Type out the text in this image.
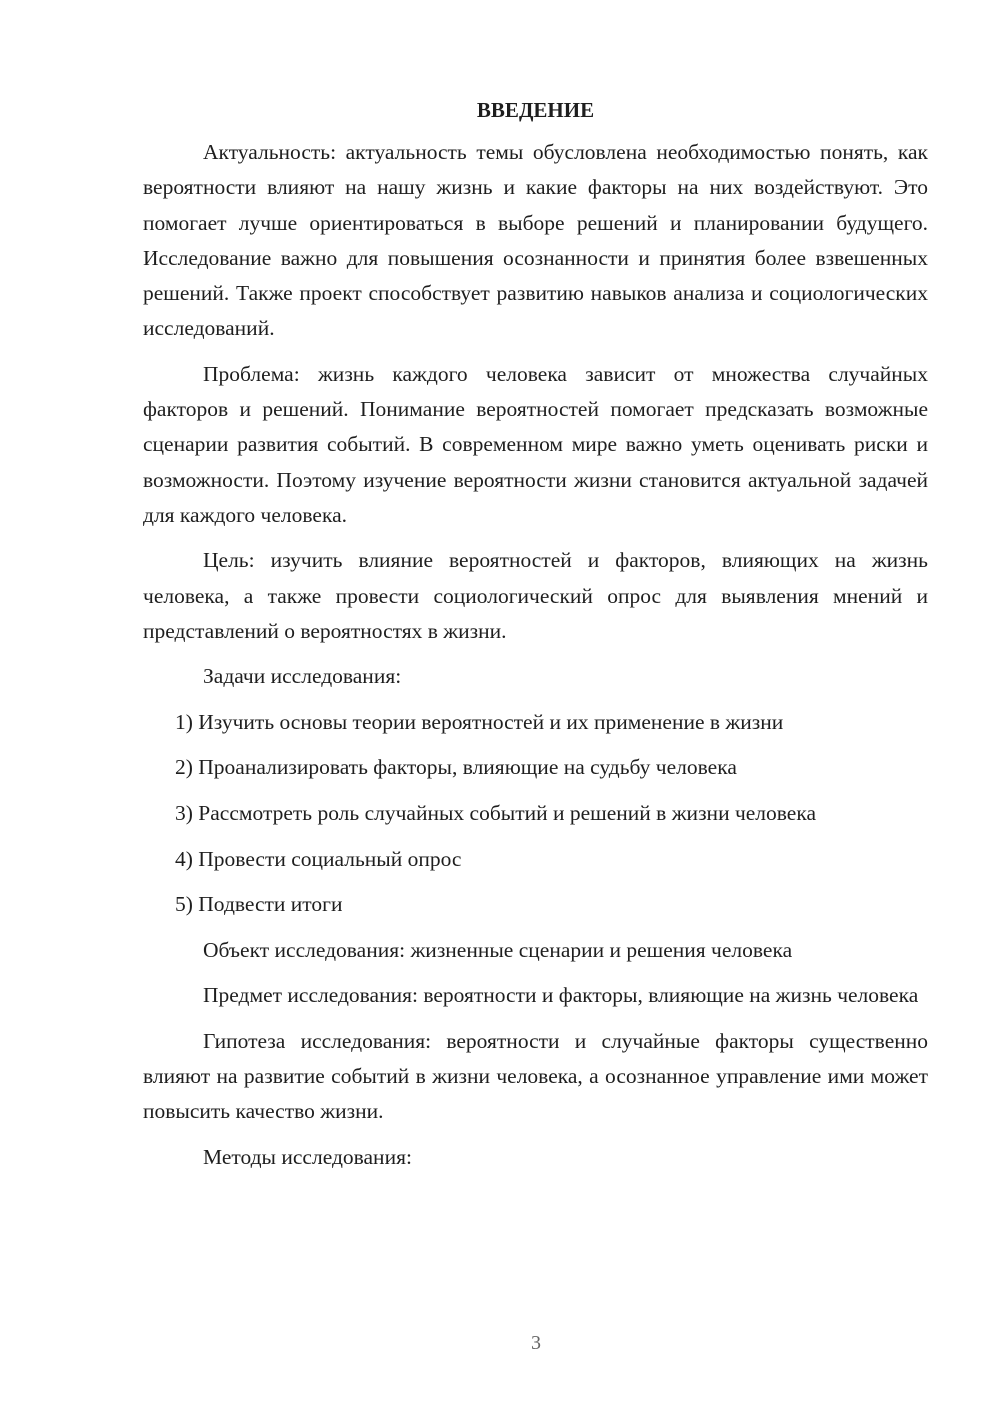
ВВЕДЕНИЕ

Актуальность: актуальность темы обусловлена необходимостью понять, как вероятности влияют на нашу жизнь и какие факторы на них воздействуют. Это помогает лучше ориентироваться в выборе решений и планировании будущего. Исследование важно для повышения осознанности и принятия более взвешенных решений. Также проект способствует развитию навыков анализа и социологических исследований.

Проблема: жизнь каждого человека зависит от множества случайных факторов и решений. Понимание вероятностей помогает предсказать возможные сценарии развития событий. В современном мире важно уметь оценивать риски и возможности. Поэтому изучение вероятности жизни становится актуальной задачей для каждого человека.

Цель: изучить влияние вероятностей и факторов, влияющих на жизнь человека, а также провести социологический опрос для выявления мнений и представлений о вероятностях в жизни.

Задачи исследования:
1) Изучить основы теории вероятностей и их применение в жизни
2) Проанализировать факторы, влияющие на судьбу человека
3) Рассмотреть роль случайных событий и решений в жизни человека
4) Провести социальный опрос
5) Подвести итоги
Объект исследования: жизненные сценарии и решения человека

Предмет исследования: вероятности и факторы, влияющие на жизнь человека

Гипотеза исследования: вероятности и случайные факторы существенно влияют на развитие событий в жизни человека, а осознанное управление ими может повысить качество жизни.

Методы исследования:
3
